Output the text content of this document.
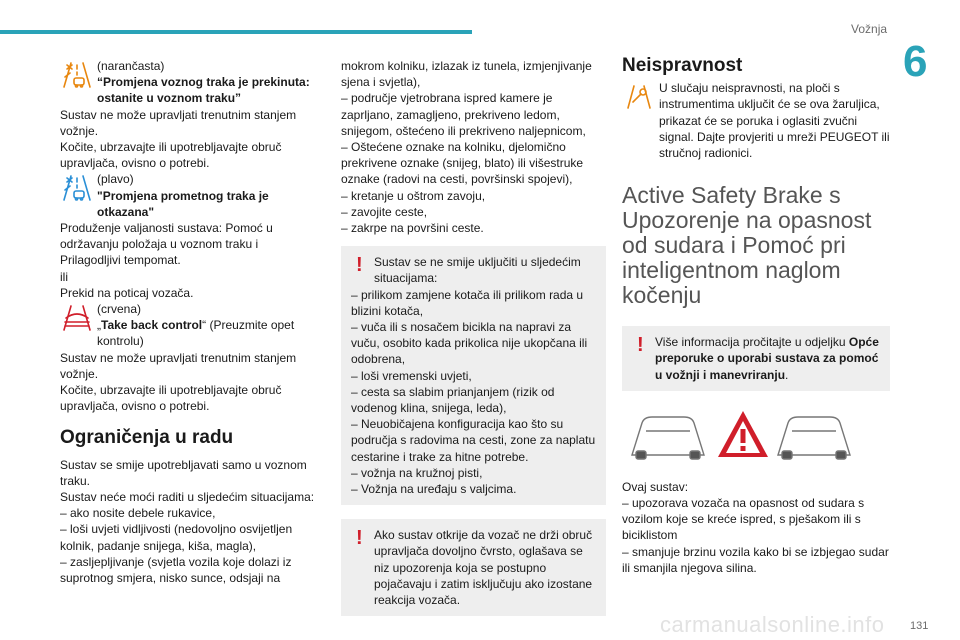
Vožnja
6

(narančasta)

“Promjena voznog traka je prekinuta: ostanite u voznom traku”

Sustav ne može upravljati trenutnim stanjem vožnje.

Kočite, ubrzavajte ili upotrebljavajte obruč upravljača, ovisno o potrebi.

(plavo)

"Promjena prometnog traka je otkazana"

Produženje valjanosti sustava: Pomoć u održavanju položaja u voznom traku i Prilagodljivi tempomat.

ili

Prekid na poticaj vozača.

(crvena)

„Take back control“ (Preuzmite opet kontrolu)

Sustav ne može upravljati trenutnim stanjem vožnje.

Kočite, ubrzavajte ili upotrebljavajte obruč upravljača, ovisno o potrebi.

Ograničenja u radu

Sustav se smije upotrebljavati samo u voznom traku.

Sustav neće moći raditi u sljedećim situacijama:

– ako nosite debele rukavice,

– loši uvjeti vidljivosti (nedovoljno osvijetljen kolnik, padanje snijega, kiša, magla),

– zasljepljivanje (svjetla vozila koje dolazi iz suprotnog smjera, nisko sunce, odsjaji na

mokrom kolniku, izlazak iz tunela, izmjenjivanje sjena i svjetla),

– područje vjetrobrana ispred kamere je zaprljano, zamagljeno, prekriveno ledom, snijegom, oštećeno ili prekriveno naljepnicom,

– Oštećene oznake na kolniku, djelomično prekrivene oznake (snijeg, blato) ili višestruke oznake (radovi na cesti, površinski spojevi),

– kretanje u oštrom zavoju,

– zavojite ceste,

– zakrpe na površini ceste.

! Sustav se ne smije uključiti u sljedećim situacijama:

– prilikom zamjene kotača ili prilikom rada u blizini kotača,

– vuča ili s nosačem bicikla na napravi za vuču, osobito kada prikolica nije ukopčana ili odobrena,

– loši vremenski uvjeti,

– cesta sa slabim prianjanjem (rizik od vodenog klina, snijega, leda),

– Neuobičajena konfiguracija kao što su područja s radovima na cesti, zone za naplatu cestarine i trake za hitne potrebe.

– vožnja na kružnoj pisti,

– Vožnja na uređaju s valjcima.

! Ako sustav otkrije da vozač ne drži obruč upravljača dovoljno čvrsto, oglašava se niz upozorenja koja se postupno pojačavaju i zatim isključuju ako izostane reakcija vozača.

Neispravnost

U slučaju neispravnosti, na ploči s instrumentima uključit će se ova žaruljica, prikazat će se poruka i oglasiti zvučni signal. Dajte provjeriti u mreži PEUGEOT ili stručnoj radionici.

Active Safety Brake s Upozorenje na opasnost od sudara i Pomoć pri inteligentnom naglom kočenju
! Više informacija pročitajte u odjeljku Opće preporuke o uporabi sustava za pomoć u vožnji i manevriranju.

Ovaj sustav:

– upozorava vozača na opasnost od sudara s vozilom koje se kreće ispred, s pješakom ili s biciklistom

– smanjuje brzinu vozila kako bi se izbjegao sudar ili smanjila njegova silina.

carmanualsonline.info 131
